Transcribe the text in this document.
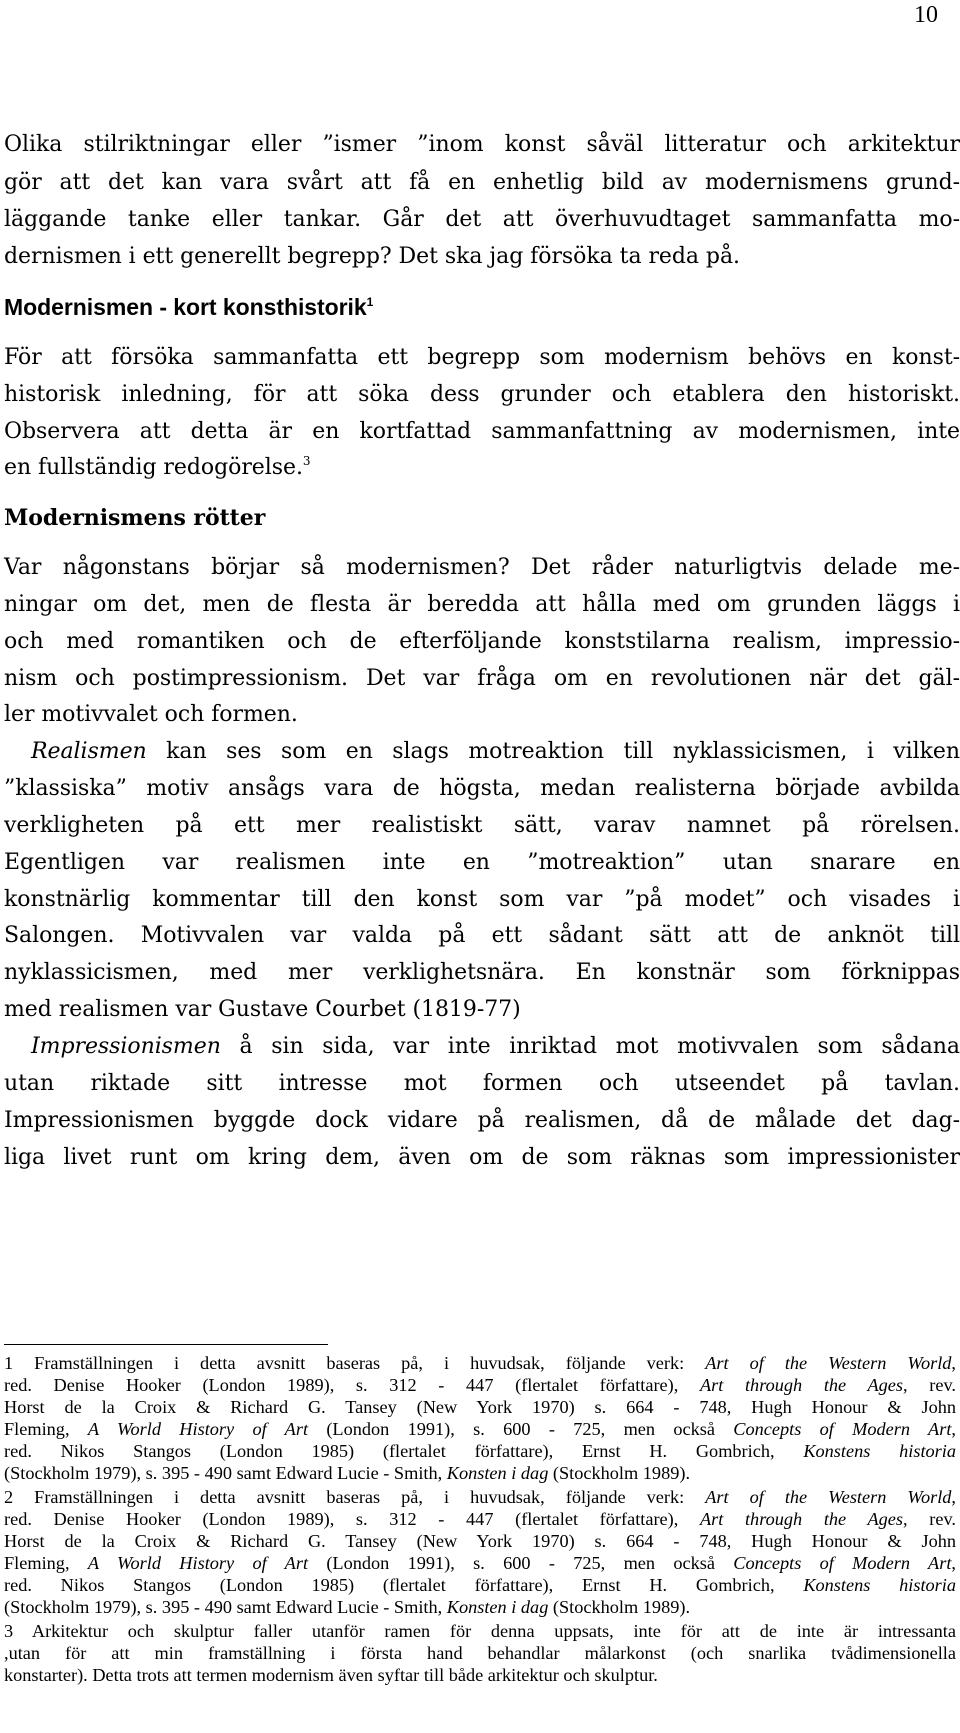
10
Olika stilriktningar eller ”ismer ”inom konst såväl litteratur och arkitektur
gör att det kan vara svårt att få en enhetlig bild av modernismens grund-
läggande tanke eller tankar. Går det att överhuvudtaget sammanfatta mo-
dernismen i ett generellt begrepp? Det ska jag försöka ta reda på.
Modernismen - kort konsthistorik$^1$
För att försöka sammanfatta ett begrepp som modernism behövs en konst-
historisk inledning, för att söka dess grunder och etablera den historiskt.
Observera att detta är en kortfattad sammanfattning av modernismen, inte
en fullständig redogörelse.$^3$
Modernismens rötter
Var någonstans börjar så modernismen? Det råder naturligtvis delade me-
ningar om det, men de flesta är beredda att hålla med om grunden läggs i
och med romantiken och de efterföljande konststilarna realism, impressio-
nism och postimpressionism. Det var fråga om en revolutionen när det gäl-
ler motivvalet och formen.
Realismen kan ses som en slags motreaktion till nyklassicismen, i vilken
”klassiska” motiv ansågs vara de högsta, medan realisterna började avbilda
verkligheten på ett mer realistiskt sätt, varav namnet på rörelsen.
Egentligen var realismen inte en ”motreaktion” utan snarare en
konstnärlig kommentar till den konst som var ”på modet” och visades i
Salongen. Motivvalen var valda på ett sådant sätt att de anknöt till
nyklassicismen, med mer verklighetsnära. En konstnär som förknippas
med realismen var Gustave Courbet (1819-77)
Impressionismen å sin sida, var inte inriktad mot motivvalen som sådana
utan riktade sitt intresse mot formen och utseendet på tavlan.
Impressionismen byggde dock vidare på realismen, då de målade det dag-
liga livet runt om kring dem, även om de som räknas som impressionister
1 Framställningen i detta avsnitt baseras på, i huvudsak, följande verk: Art of the Western World,
red. Denise Hooker (London 1989), s. 312 - 447 (flertalet författare), Art through the Ages, rev.
Horst de la Croix & Richard G. Tansey (New York 1970) s. 664 - 748, Hugh Honour & John
Fleming, A World History of Art (London 1991), s. 600 - 725, men också Concepts of Modern Art,
red. Nikos Stangos (London 1985) (flertalet författare), Ernst H. Gombrich, Konstens historia
(Stockholm 1979), s. 395 - 490 samt Edward Lucie - Smith, Konsten i dag (Stockholm 1989).
2 Framställningen i detta avsnitt baseras på, i huvudsak, följande verk: Art of the Western World,
red. Denise Hooker (London 1989), s. 312 - 447 (flertalet författare), Art through the Ages, rev.
Horst de la Croix & Richard G. Tansey (New York 1970) s. 664 - 748, Hugh Honour & John
Fleming, A World History of Art (London 1991), s. 600 - 725, men också Concepts of Modern Art,
red. Nikos Stangos (London 1985) (flertalet författare), Ernst H. Gombrich, Konstens historia
(Stockholm 1979), s. 395 - 490 samt Edward Lucie - Smith, Konsten i dag (Stockholm 1989).
3 Arkitektur och skulptur faller utanför ramen för denna uppsats, inte för att de inte är intressanta
,utan för att min framställning i första hand behandlar målarkonst (och snarlika tvådimensionella
konstarter). Detta trots att termen modernism även syftar till både arkitektur och skulptur.
